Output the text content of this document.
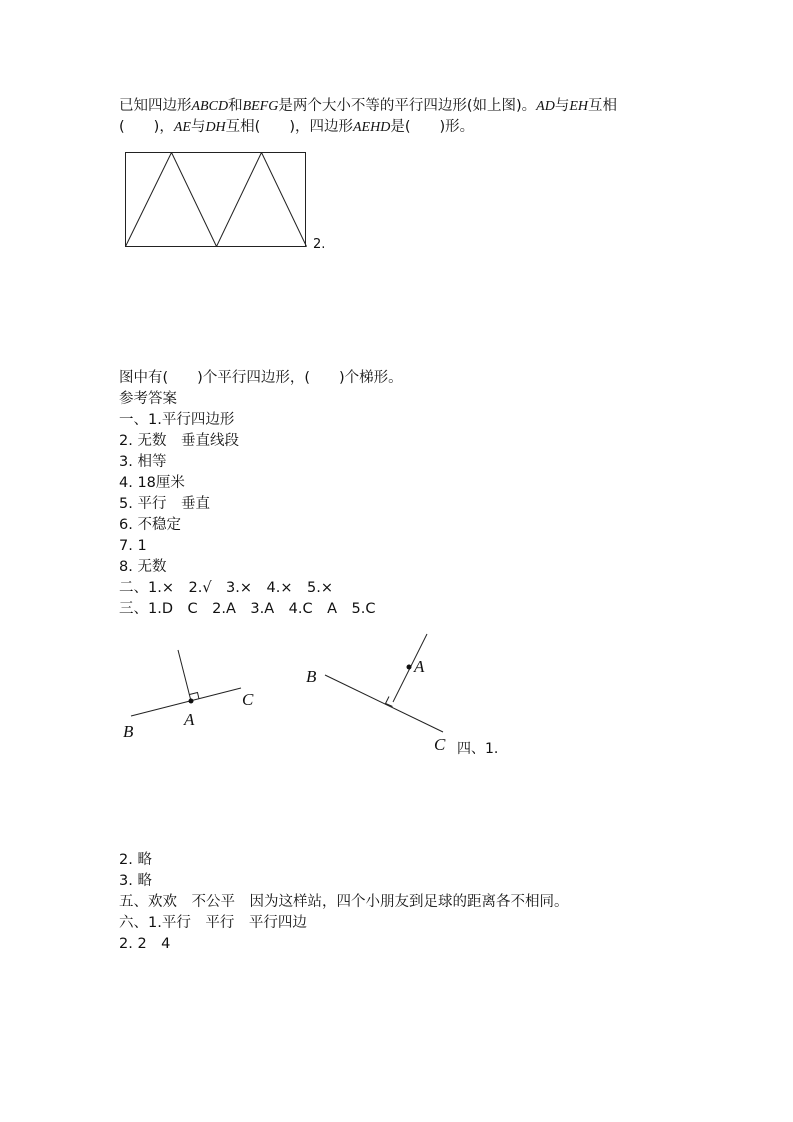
已知四边形ABCD和BEFG是两个大小不等的平行四边形(如上图)。AD与EH互相

(　　)，AE与DH互相(　　)，四边形AEHD是(　　)形。

2.

图中有(　　)个平行四边形，(　　)个梯形。

参考答案

一、1.平行四边形

2. 无数　垂直线段

3. 相等

4. 18厘米

5. 平行　垂直

6. 不稳定

7. 1

8. 无数

二、1.×　2.√　3.×　4.×　5.×

三、1.D　C　2.A　3.A　4.C　A　5.C

B
A
C
B
A
C 四、1.

2. 略

3. 略

五、欢欢　不公平　因为这样站，四个小朋友到足球的距离各不相同。

六、1.平行　平行　平行四边

2. 2　4
